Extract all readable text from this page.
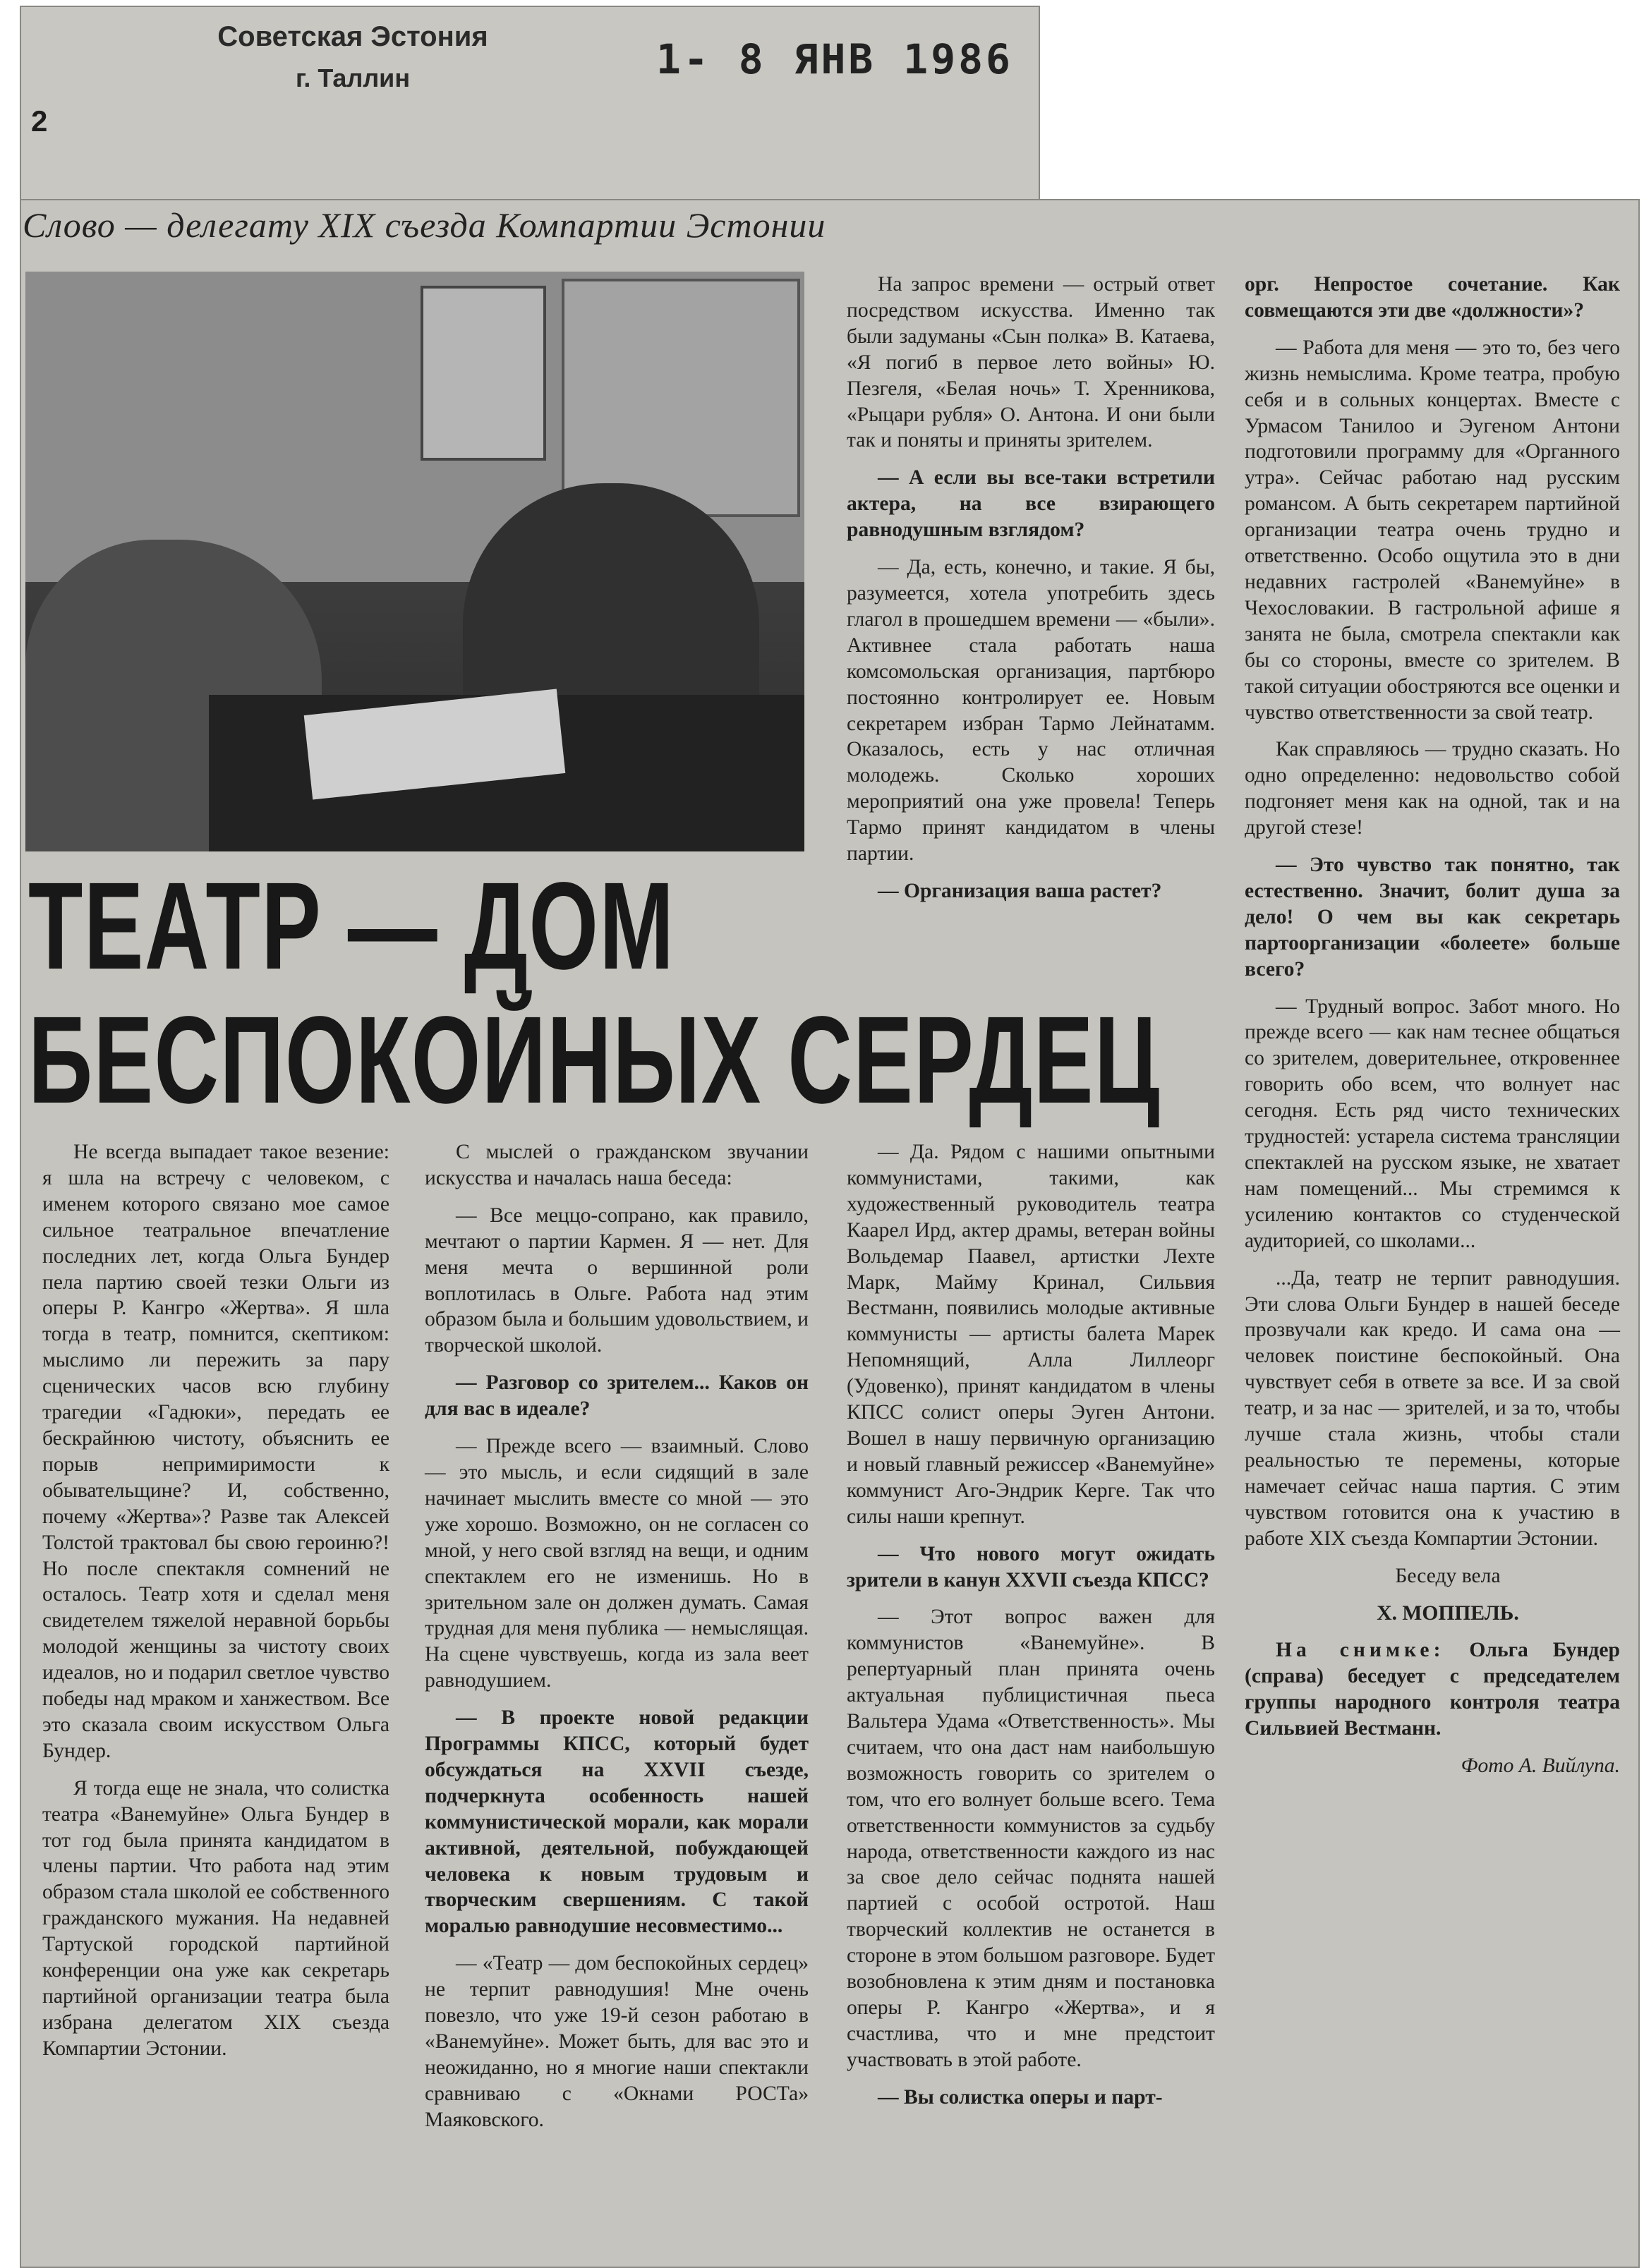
Советская Эстония
г. Таллин	1- 8 ЯНВ 1986
2
Слово — делегату XIX съезда Компартии Эстонии
ТЕАТР — ДОМ
БЕСПОКОЙНЫХ СЕРДЕЦ

Не всегда выпадает такое везение: я шла на встречу с человеком, с именем которого связано мое самое сильное театральное впечатление последних лет, когда Ольга Бундер пела партию своей тезки Ольги из оперы Р. Кангро «Жертва». Я шла тогда в театр, помнится, скептиком: мыслимо ли пережить за пару сценических часов всю глубину трагедии «Гадюки», передать ее бескрайнюю чистоту, объяснить ее порыв непримиримости к обывательщине? И, собственно, почему «Жертва»? Разве так Алексей Толстой трактовал бы свою героиню?! Но после спектакля сомнений не осталось. Театр хотя и сделал меня свидетелем тяжелой неравной борьбы молодой женщины за чистоту своих идеалов, но и подарил светлое чувство победы над мраком и ханжеством. Все это сказала своим искусством Ольга Бундер.

Я тогда еще не знала, что солистка театра «Ванемуйне» Ольга Бундер в тот год была принята кандидатом в члены партии. Что работа над этим образом стала школой ее собственного гражданского мужания. На недавней Тартуской городской партийной конференции она уже как секретарь партийной организации театра была избрана делегатом XIX съезда Компартии Эстонии.

С мыслей о гражданском звучании искусства и началась наша беседа:

— Все меццо-сопрано, как правило, мечтают о партии Кармен. Я — нет. Для меня мечта о вершинной роли воплотилась в Ольге. Работа над этим образом была и большим удовольствием, и творческой школой.

— Разговор со зрителем... Каков он для вас в идеале?

— Прежде всего — взаимный. Слово — это мысль, и если сидящий в зале начинает мыслить вместе со мной — это уже хорошо. Возможно, он не согласен со мной, у него свой взгляд на вещи, и одним спектаклем его не изменишь. Но в зрительном зале он должен думать. Самая трудная для меня публика — немыслящая. На сцене чувствуешь, когда из зала веет равнодушием.

— В проекте новой редакции Программы КПСС, который будет обсуждаться на XXVII съезде, подчеркнута особенность нашей коммунистической морали, как морали активной, деятельной, побуждающей человека к новым трудовым и творческим свершениям. С такой моралью равнодушие несовместимо...

— «Театр — дом беспокойных сердец» не терпит равнодушия! Мне очень повезло, что уже 19-й сезон работаю в «Ванемуйне». Может быть, для вас это и неожиданно, но я многие наши спектакли сравниваю с «Окнами РОСТа» Маяковского.

На запрос времени — острый ответ посредством искусства. Именно так были задуманы «Сын полка» В. Катаева, «Я погиб в первое лето войны» Ю. Пезгеля, «Белая ночь» Т. Хренникова, «Рыцари рубля» О. Антона. И они были так и поняты и приняты зрителем.

— А если вы все-таки встретили актера, на все взирающего равнодушным взглядом?

— Да, есть, конечно, и такие. Я бы, разумеется, хотела употребить здесь глагол в прошедшем времени — «были». Активнее стала работать наша комсомольская организация, партбюро постоянно контролирует ее. Новым секретарем избран Тармо Лейнатамм. Оказалось, есть у нас отличная молодежь. Сколько хороших мероприятий она уже провела! Теперь Тармо принят кандидатом в члены партии.

— Организация ваша растет?

— Да. Рядом с нашими опытными коммунистами, такими, как художественный руководитель театра Каарел Ирд, актер драмы, ветеран войны Вольдемар Паавел, артистки Лехте Марк, Майму Кринал, Сильвия Вестманн, появились молодые активные коммунисты — артисты балета Марек Непомнящий, Алла Лиллеорг (Удовенко), принят кандидатом в члены КПСС солист оперы Эуген Антони. Вошел в нашу первичную организацию и новый главный режиссер «Ванемуйне» коммунист Аго-Эндрик Керге. Так что силы наши крепнут.

— Что нового могут ожидать зрители в канун XXVII съезда КПСС?

— Этот вопрос важен для коммунистов «Ванемуйне». В репертуарный план принята очень актуальная публицистичная пьеса Вальтера Удама «Ответственность». Мы считаем, что она даст нам наибольшую возможность говорить со зрителем о том, что его волнует больше всего. Тема ответственности коммунистов за судьбу народа, ответственности каждого из нас за свое дело сейчас поднята нашей партией с особой остротой. Наш творческий коллектив не останется в стороне в этом большом разговоре. Будет возобновлена к этим дням и постановка оперы Р. Кангро «Жертва», и я счастлива, что и мне предстоит участвовать в этой работе.

— Вы солистка оперы и парт-

орг. Непростое сочетание. Как совмещаются эти две «должности»?

— Работа для меня — это то, без чего жизнь немыслима. Кроме театра, пробую себя и в сольных концертах. Вместе с Урмасом Танилоо и Эугеном Антони подготовили программу для «Органного утра». Сейчас работаю над русским романсом. А быть секретарем партийной организации театра очень трудно и ответственно. Особо ощутила это в дни недавних гастролей «Ванемуйне» в Чехословакии. В гастрольной афише я занята не была, смотрела спектакли как бы со стороны, вместе со зрителем. В такой ситуации обостряются все оценки и чувство ответственности за свой театр.

Как справляюсь — трудно сказать. Но одно определенно: недовольство собой подгоняет меня как на одной, так и на другой стезе!

— Это чувство так понятно, так естественно. Значит, болит душа за дело! О чем вы как секретарь партоорганизации «болеете» больше всего?

— Трудный вопрос. Забот много. Но прежде всего — как нам теснее общаться со зрителем, доверительнее, откровеннее говорить обо всем, что волнует нас сегодня. Есть ряд чисто технических трудностей: устарела система трансляции спектаклей на русском языке, не хватает нам помещений... Мы стремимся к усилению контактов со студенческой аудиторией, со школами...

...Да, театр не терпит равнодушия. Эти слова Ольги Бундер в нашей беседе прозвучали как кредо. И сама она — человек поистине беспокойный. Она чувствует себя в ответе за все. И за свой театр, и за нас — зрителей, и за то, чтобы лучше стала жизнь, чтобы стали реальностью те перемены, которые намечает сейчас наша партия. С этим чувством готовится она к участию в работе XIX съезда Компартии Эстонии.

Беседу вела

Х. МОППЕЛЬ.

На снимке: Ольга Бундер (справа) беседует с председателем группы народного контроля театра Сильвией Вестманн.

Фото А. Вийлупа.
